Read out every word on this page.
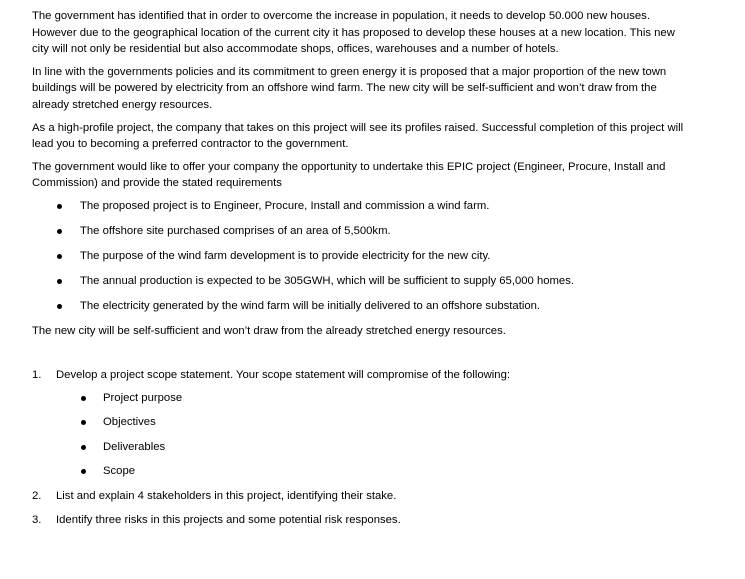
The government has identified that in order to overcome the increase in population, it needs to develop 50.000 new houses. However due to the geographical location of the current city it has proposed to develop these houses at a new location. This new city will not only be residential but also accommodate shops, offices, warehouses and a number of hotels.

In line with the governments policies and its commitment to green energy it is proposed that a major proportion of the new town buildings will be powered by electricity from an offshore wind farm. The new city will be self-sufficient and won’t draw from the already stretched energy resources.

As a high-profile project, the company that takes on this project will see its profiles raised. Successful completion of this project will lead you to becoming a preferred contractor to the government.

The government would like to offer your company the opportunity to undertake this EPIC project (Engineer, Procure, Install and Commission) and provide the stated requirements

The proposed project is to Engineer, Procure, Install and commission a wind farm.
The offshore site purchased comprises of an area of 5,500km.
The purpose of the wind farm development is to provide electricity for the new city.
The annual production is expected to be 305GWH, which will be sufficient to supply 65,000 homes.
The electricity generated by the wind farm will be initially delivered to an offshore substation.

The new city will be self-sufficient and won’t draw from the already stretched energy resources.

1. Develop a project scope statement. Your scope statement will compromise of the following:
Project purpose
Objectives
Deliverables
Scope
2. List and explain 4 stakeholders in this project, identifying their stake.
3. Identify three risks in this projects and some potential risk responses.
